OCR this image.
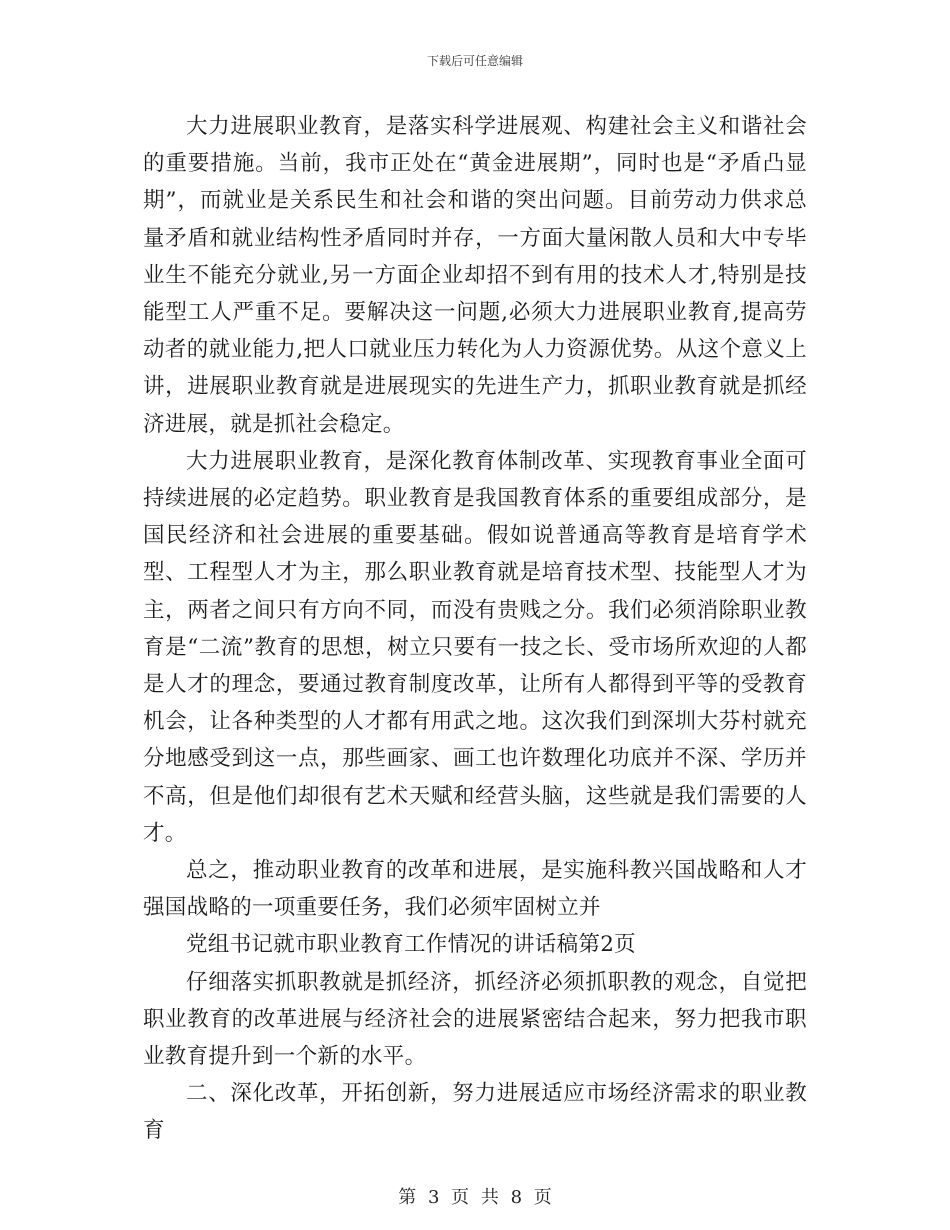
下载后可任意编辑

大力进展职业教育，是落实科学进展观、构建社会主义和谐社会的重要措施。当前，我市正处在“黄金进展期”，同时也是“矛盾凸显期”，而就业是关系民生和社会和谐的突出问题。目前劳动力供求总量矛盾和就业结构性矛盾同时并存，一方面大量闲散人员和大中专毕业生不能充分就业,另一方面企业却招不到有用的技术人才,特别是技能型工人严重不足。要解决这一问题,必须大力进展职业教育,提高劳动者的就业能力,把人口就业压力转化为人力资源优势。从这个意义上讲，进展职业教育就是进展现实的先进生产力，抓职业教育就是抓经济进展，就是抓社会稳定。

大力进展职业教育，是深化教育体制改革、实现教育事业全面可持续进展的必定趋势。职业教育是我国教育体系的重要组成部分，是国民经济和社会进展的重要基础。假如说普通高等教育是培育学术型、工程型人才为主，那么职业教育就是培育技术型、技能型人才为主，两者之间只有方向不同，而没有贵贱之分。我们必须消除职业教育是“二流”教育的思想，树立只要有一技之长、受市场所欢迎的人都是人才的理念，要通过教育制度改革，让所有人都得到平等的受教育机会，让各种类型的人才都有用武之地。这次我们到深圳大芬村就充分地感受到这一点，那些画家、画工也许数理化功底并不深、学历并不高，但是他们却很有艺术天赋和经营头脑，这些就是我们需要的人才。

总之，推动职业教育的改革和进展，是实施科教兴国战略和人才强国战略的一项重要任务，我们必须牢固树立并

党组书记就市职业教育工作情况的讲话稿第2页

仔细落实抓职教就是抓经济，抓经济必须抓职教的观念，自觉把职业教育的改革进展与经济社会的进展紧密结合起来，努力把我市职业教育提升到一个新的水平。

二、深化改革，开拓创新，努力进展适应市场经济需求的职业教育

第 3 页 共 8 页
